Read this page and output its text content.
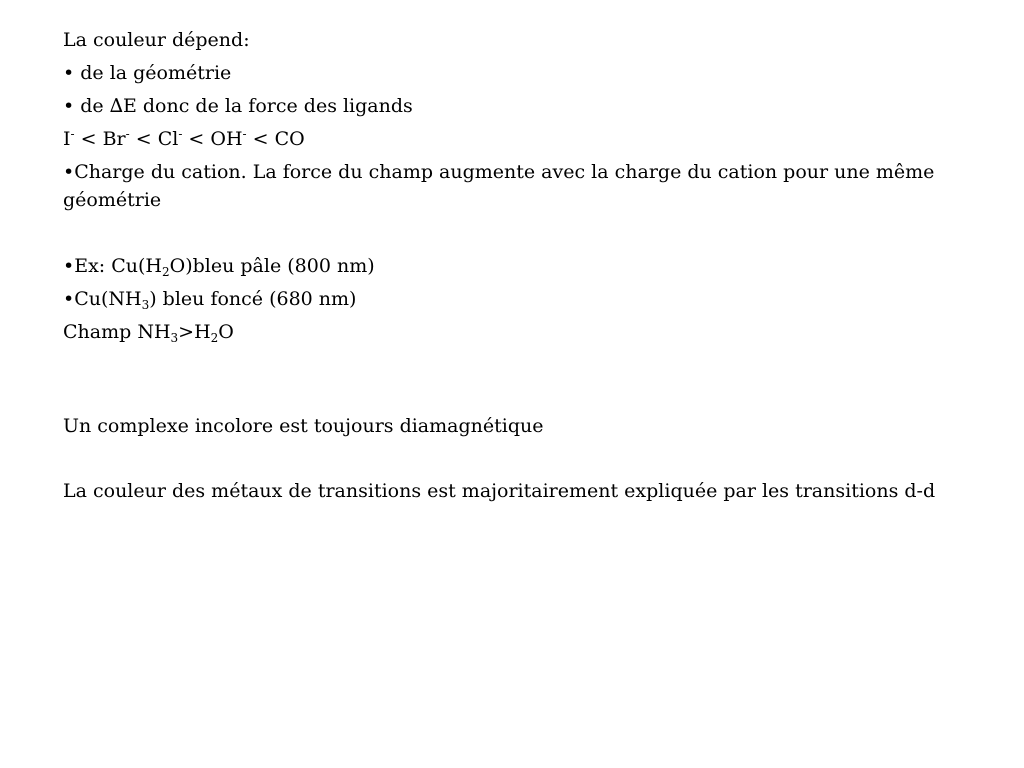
La couleur dépend:

• de la géométrie

• de ∆E donc de la force des ligands

I- < Br- < Cl- < OH- < CO

•Charge du cation. La force du champ augmente avec la charge du cation pour une même géométrie

•Ex: $Cu(H_2O)bleu$ pâle (800 nm)

$•Cu(NH_3)$ bleu foncé (680 nm)

Champ $NH_3>H_2O$

Un complexe incolore est toujours diamagnétique

La couleur des métaux de transitions est majoritairement expliquée par les transitions d-d
